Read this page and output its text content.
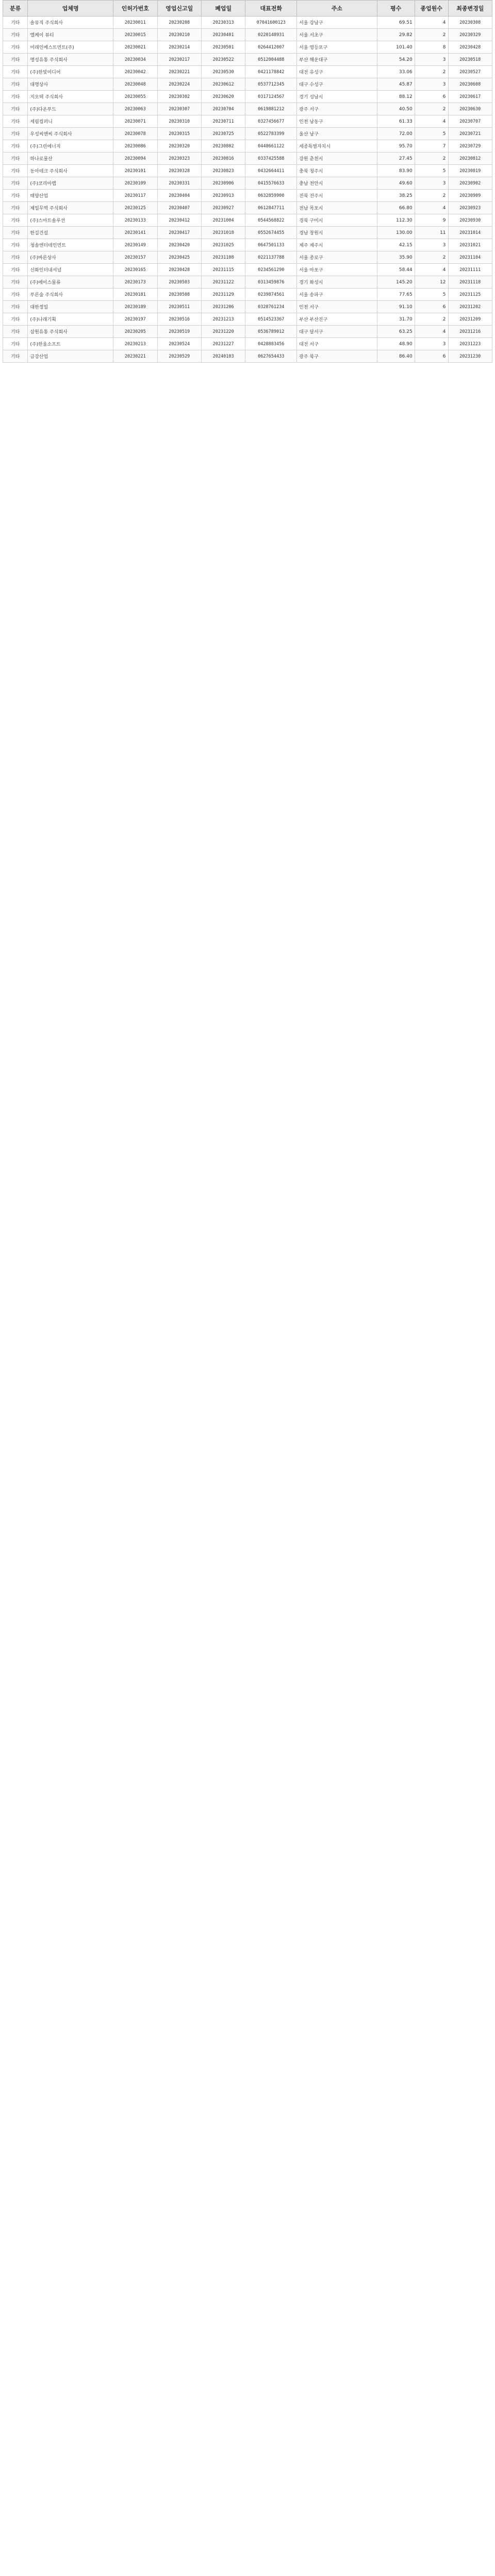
분류	업체명	인허가번호	영업신고일	폐업일	대표전화	주소	평수	종업원수	최종변경일
기타	솔뮤직 주식회사	20230011	20230208	20230313	07041600123	서울 강남구	69.51	4	20230308
기타	엘케이 뷰티	20230015	20230210	20230401	0220148931	서울 서초구	29.82	2	20230329
기타	미래인베스트먼트(주)	20230021	20230214	20230501	0264412007	서울 영등포구	101.40	8	20230428
기타	명성유통 주식회사	20230034	20230217	20230522	0512004488	부산 해운대구	54.20	3	20230518
기타	(주)한빛미디어	20230042	20230221	20230530	0421178842	대전 유성구	33.06	2	20230527
기타	대명상사	20230048	20230224	20230612	0537712345	대구 수성구	45.87	3	20230608
기타	지오텍 주식회사	20230055	20230302	20230620	0317124567	경기 성남시	88.12	6	20230617
기타	(주)다온푸드	20230063	20230307	20230704	0619881212	광주 서구	40.50	2	20230630
기타	세림컴퍼니	20230071	20230310	20230711	0327456677	인천 남동구	61.33	4	20230707
기타	우성씨앤씨 주식회사	20230078	20230315	20230725	0522783399	울산 남구	72.00	5	20230721
기타	(주)그린에너지	20230086	20230320	20230802	0448661122	세종특별자치시	95.70	7	20230729
기타	하나로물산	20230094	20230323	20230816	0337425588	강원 춘천시	27.45	2	20230812
기타	동아테크 주식회사	20230101	20230328	20230823	0432664411	충북 청주시	83.90	5	20230819
기타	(주)코리아랩	20230109	20230331	20230906	0415576633	충남 천안시	49.60	3	20230902
기타	태양산업	20230117	20230404	20230913	0632859900	전북 전주시	38.25	2	20230909
기타	제일무역 주식회사	20230125	20230407	20230927	0612847711	전남 목포시	66.80	4	20230923
기타	(주)스마트솔루션	20230133	20230412	20231004	0544568822	경북 구미시	112.30	9	20230930
기타	한길건설	20230141	20230417	20231018	0552674455	경남 창원시	130.00	11	20231014
기타	청솔엔터테인먼트	20230149	20230420	20231025	0647501133	제주 제주시	42.15	3	20231021
기타	(주)바른상사	20230157	20230425	20231108	0221137788	서울 종로구	35.90	2	20231104
기타	신화인터내셔널	20230165	20230428	20231115	0234561290	서울 마포구	58.44	4	20231111
기타	(주)에이스물류	20230173	20230503	20231122	0313459876	경기 화성시	145.20	12	20231118
기타	푸른숲 주식회사	20230181	20230508	20231129	0239874561	서울 송파구	77.65	5	20231125
기타	대한정밀	20230189	20230511	20231206	0328761234	인천 서구	91.10	6	20231202
기타	(주)나래기획	20230197	20230516	20231213	0514523367	부산 부산진구	31.70	2	20231209
기타	삼원유통 주식회사	20230205	20230519	20231220	0536789012	대구 달서구	63.25	4	20231216
기타	(주)한울소프트	20230213	20230524	20231227	0428883456	대전 서구	48.90	3	20231223
기타	금강산업	20230221	20230529	20240103	0627654433	광주 북구	86.40	6	20231230
